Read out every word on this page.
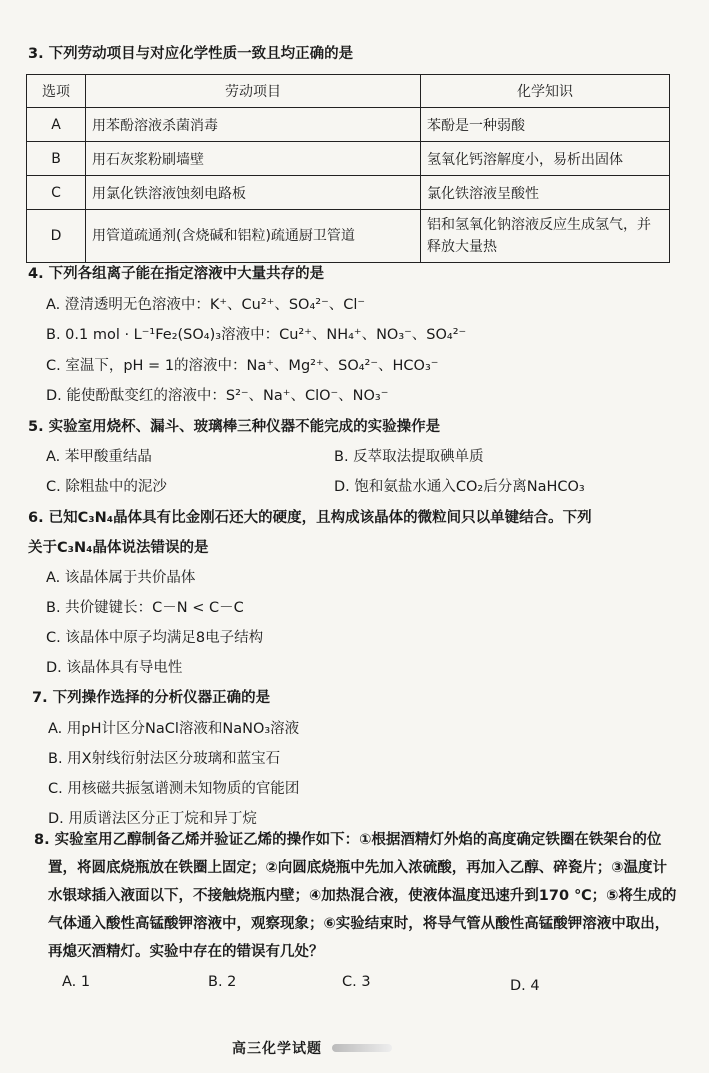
3. 下列劳动项目与对应化学性质一致且均正确的是
选项	劳动项目	化学知识
A	用苯酚溶液杀菌消毒	苯酚是一种弱酸
B	用石灰浆粉刷墙壁	氢氧化钙溶解度小，易析出固体
C	用氯化铁溶液蚀刻电路板	氯化铁溶液呈酸性
D	用管道疏通剂(含烧碱和铝粒)疏通厨卫管道	铝和氢氧化钠溶液反应生成氢气，并释放大量热
4. 下列各组离子能在指定溶液中大量共存的是
A. 澄清透明无色溶液中：K⁺、Cu²⁺、SO₄²⁻、Cl⁻
B. 0.1 mol · L⁻¹Fe₂(SO₄)₃溶液中：Cu²⁺、NH₄⁺、NO₃⁻、SO₄²⁻
C. 室温下，pH = 1的溶液中：Na⁺、Mg²⁺、SO₄²⁻、HCO₃⁻
D. 能使酚酞变红的溶液中：S²⁻、Na⁺、ClO⁻、NO₃⁻
5. 实验室用烧杯、漏斗、玻璃棒三种仪器不能完成的实验操作是
A. 苯甲酸重结晶	B. 反萃取法提取碘单质
C. 除粗盐中的泥沙	D. 饱和氨盐水通入CO₂后分离NaHCO₃
6. 已知C₃N₄晶体具有比金刚石还大的硬度，且构成该晶体的微粒间只以单键结合。下列
关于C₃N₄晶体说法错误的是
A. 该晶体属于共价晶体
B. 共价键键长：C－N < C－C
C. 该晶体中原子均满足8电子结构
D. 该晶体具有导电性
7. 下列操作选择的分析仪器正确的是
A. 用pH计区分NaCl溶液和NaNO₃溶液
B. 用X射线衍射法区分玻璃和蓝宝石
C. 用核磁共振氢谱测未知物质的官能团
D. 用质谱法区分正丁烷和异丁烷
8. 实验室用乙醇制备乙烯并验证乙烯的操作如下：①根据酒精灯外焰的高度确定铁圈在铁架台的位置，将圆底烧瓶放在铁圈上固定；②向圆底烧瓶中先加入浓硫酸，再加入乙醇、碎瓷片；③温度计水银球插入液面以下，不接触烧瓶内壁；④加热混合液，使液体温度迅速升到170 ℃；⑤将生成的气体通入酸性高锰酸钾溶液中，观察现象；⑥实验结束时，将导气管从酸性高锰酸钾溶液中取出，再熄灭酒精灯。实验中存在的错误有几处？
A. 1	B. 2	C. 3	D. 4
高三化学试题
